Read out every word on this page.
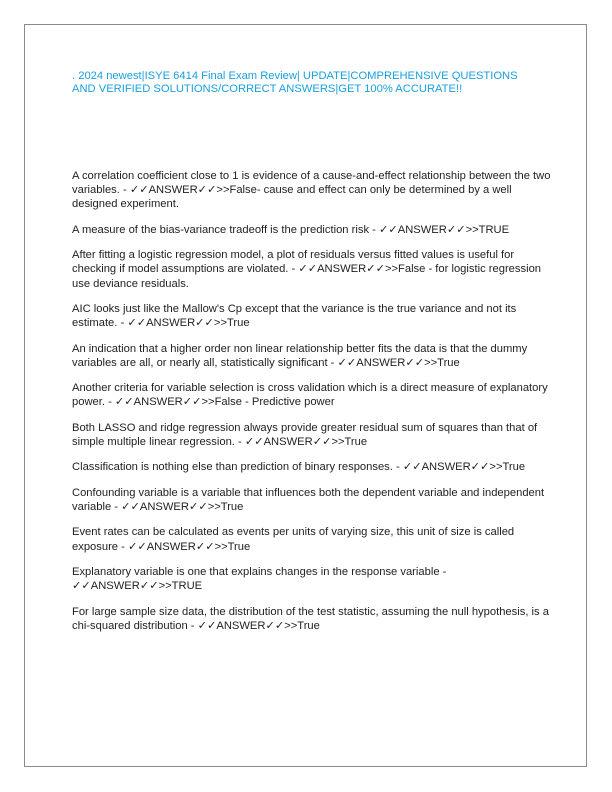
. 2024 newest|ISYE 6414 Final Exam Review| UPDATE|COMPREHENSIVE QUESTIONS AND VERIFIED SOLUTIONS/CORRECT ANSWERS|GET 100% ACCURATE!!

A correlation coefficient close to 1 is evidence of a cause-and-effect relationship between the two variables. - ✓✓ANSWER✓✓>>False- cause and effect can only be determined by a well designed experiment.

A measure of the bias-variance tradeoff is the prediction risk - ✓✓ANSWER✓✓>>TRUE

After fitting a logistic regression model, a plot of residuals versus fitted values is useful for checking if model assumptions are violated. - ✓✓ANSWER✓✓>>False - for logistic regression use deviance residuals.

AIC looks just like the Mallow's Cp except that the variance is the true variance and not its estimate. - ✓✓ANSWER✓✓>>True

An indication that a higher order non linear relationship better fits the data is that the dummy variables are all, or nearly all, statistically significant - ✓✓ANSWER✓✓>>True

Another criteria for variable selection is cross validation which is a direct measure of explanatory power. - ✓✓ANSWER✓✓>>False - Predictive power

Both LASSO and ridge regression always provide greater residual sum of squares than that of simple multiple linear regression. - ✓✓ANSWER✓✓>>True

Classification is nothing else than prediction of binary responses. - ✓✓ANSWER✓✓>>True

Confounding variable is a variable that influences both the dependent variable and independent variable - ✓✓ANSWER✓✓>>True

Event rates can be calculated as events per units of varying size, this unit of size is called exposure - ✓✓ANSWER✓✓>>True

Explanatory variable is one that explains changes in the response variable - ✓✓ANSWER✓✓>>TRUE

For large sample size data, the distribution of the test statistic, assuming the null hypothesis, is a chi-squared distribution - ✓✓ANSWER✓✓>>True
